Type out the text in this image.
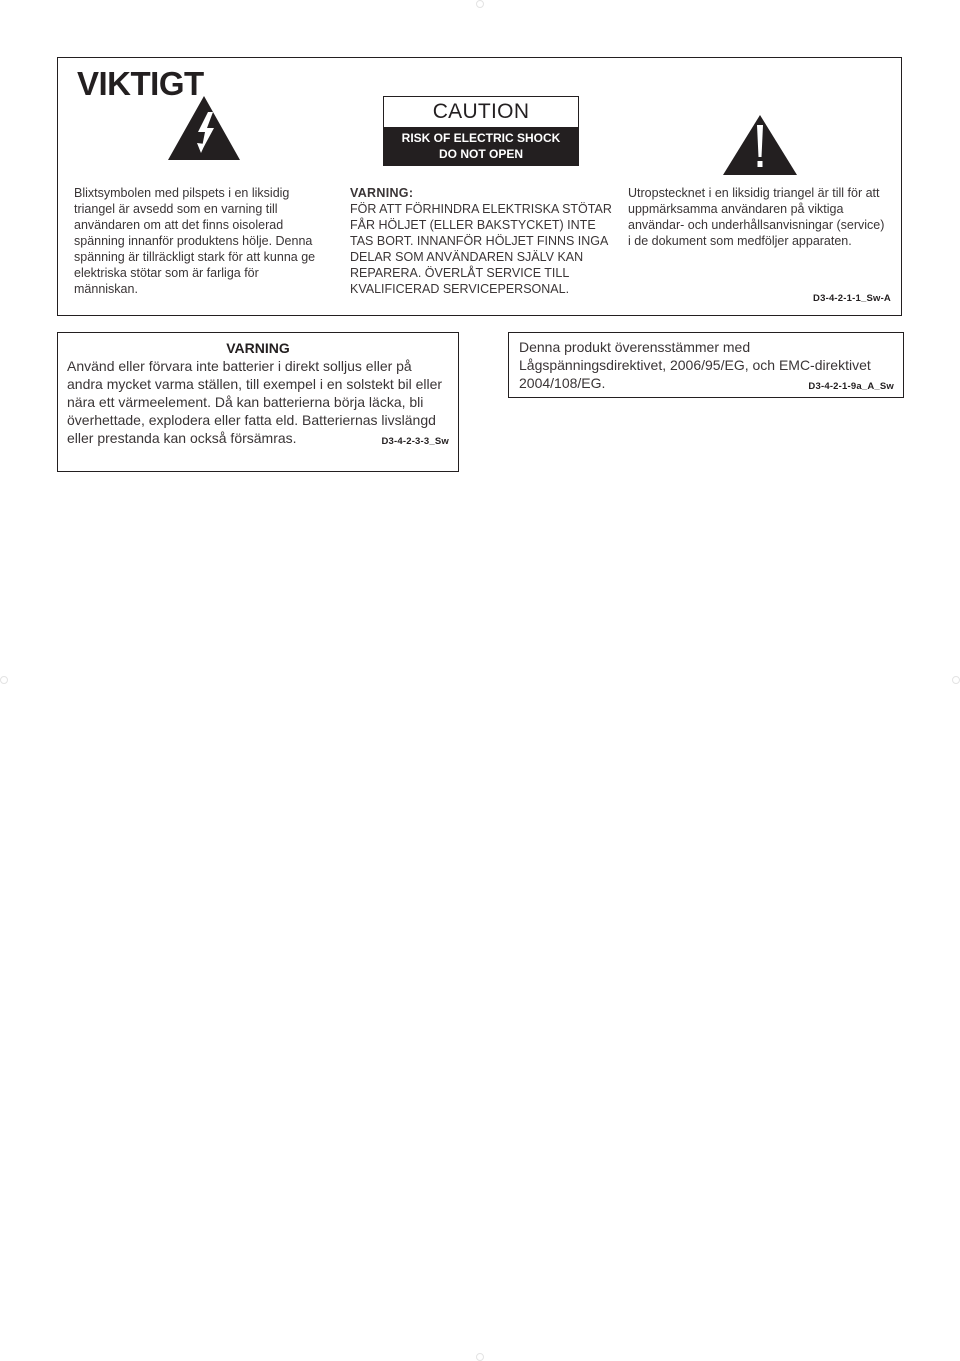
VIKTIGT
CAUTION
RISK OF ELECTRIC SHOCK
DO NOT OPEN

Blixtsymbolen med pilspets i en liksidig triangel är avsedd som en varning till användaren om att det finns oisolerad spänning innanför produktens hölje. Denna spänning är tillräckligt stark för att kunna ge elektriska stötar som är farliga för människan.

VARNING:
FÖR ATT FÖRHINDRA ELEKTRISKA STÖTAR FÅR HÖLJET (ELLER BAKSTYCKET) INTE TAS BORT. INNANFÖR HÖLJET FINNS INGA DELAR SOM ANVÄNDAREN SJÄLV KAN REPARERA. ÖVERLÅT SERVICE TILL KVALIFICERAD SERVICEPERSONAL.

Utropstecknet i en liksidig triangel är till för att uppmärksamma användaren på viktiga användar- och underhållsanvisningar (service) i de dokument som medföljer apparaten.

D3-4-2-1-1_Sw-A
VARNING
Använd eller förvara inte batterier i direkt solljus eller på andra mycket varma ställen, till exempel i en solstekt bil eller nära ett värmeelement. Då kan batterierna börja läcka, bli överhettade, explodera eller fatta eld. Batteriernas livslängd eller prestanda kan också försämras.	D3-4-2-3-3_Sw
Denna produkt överensstämmer med Lågspänningsdirektivet, 2006/95/EG, och EMC-direktivet 2004/108/EG.	D3-4-2-1-9a_A_Sw
